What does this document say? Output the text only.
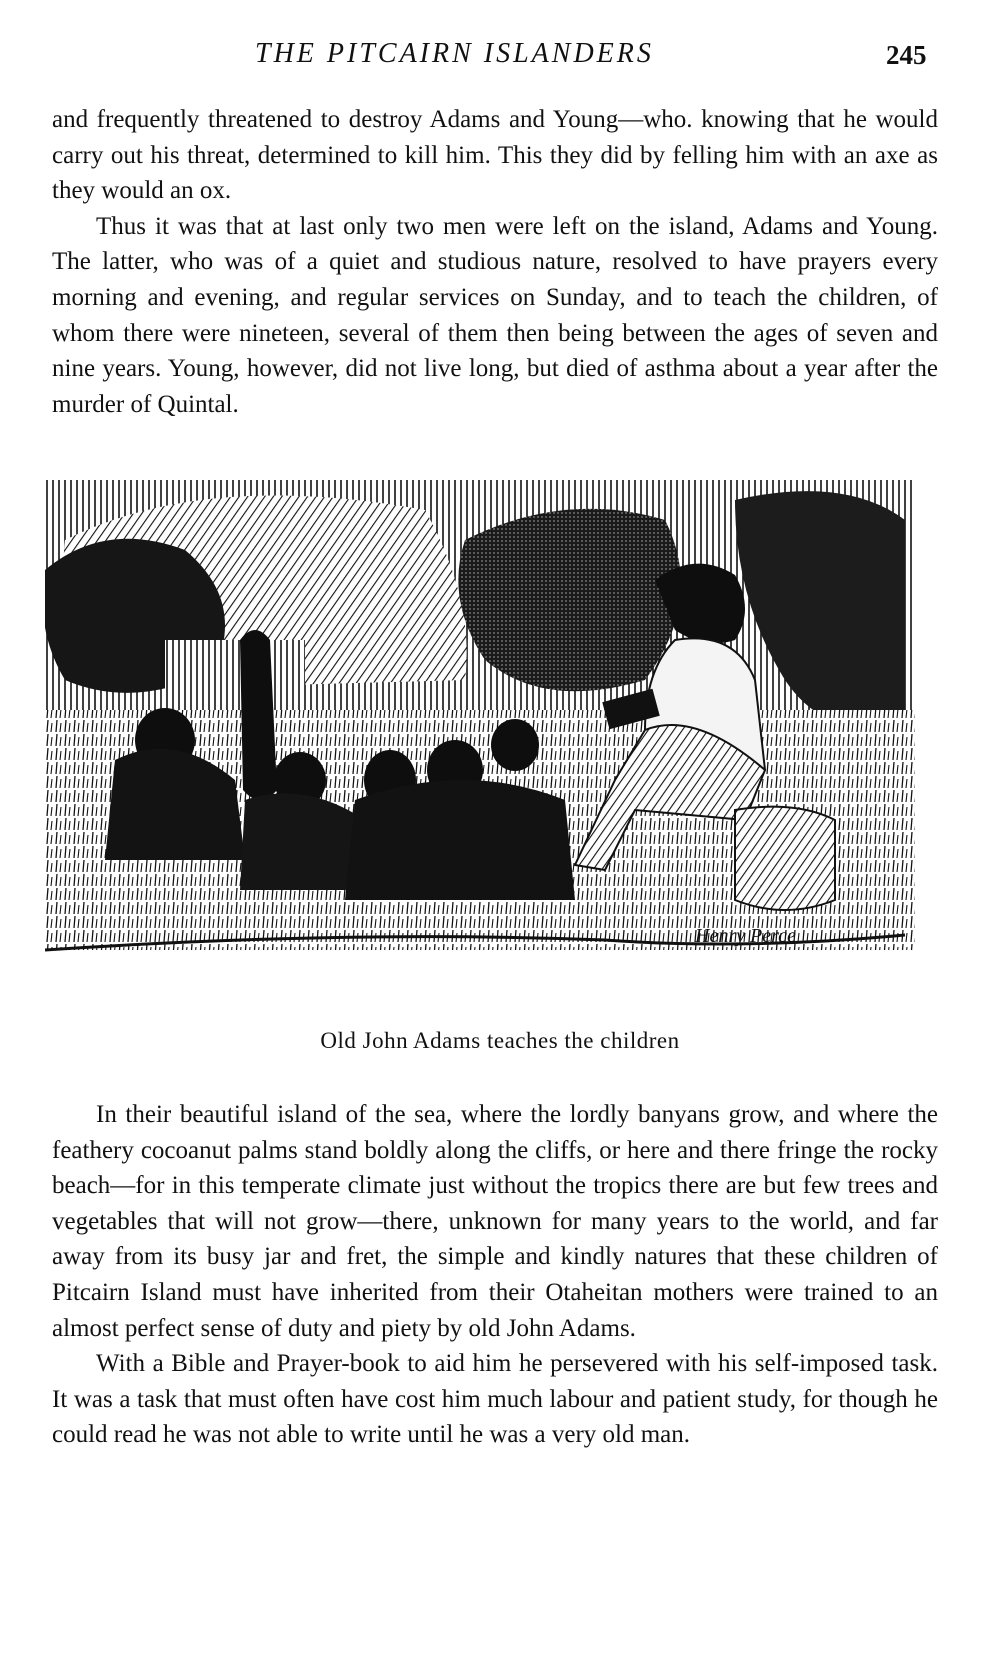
THE PITCAIRN ISLANDERS	245

and frequently threatened to destroy Adams and Young—who. knowing that he would carry out his threat, determined to kill him. This they did by felling him with an axe as they would an ox.

Thus it was that at last only two men were left on the island, Adams and Young. The latter, who was of a quiet and studious nature, resolved to have prayers every morning and evening, and regular services on Sunday, and to teach the children, of whom there were nineteen, several of them then being between the ages of seven and nine years. Young, however, did not live long, but died of asthma about a year after the murder of Quintal.

Henry Perce
Old John Adams teaches the children

In their beautiful island of the sea, where the lordly banyans grow, and where the feathery cocoanut palms stand boldly along the cliffs, or here and there fringe the rocky beach—for in this temperate climate just without the tropics there are but few trees and vegetables that will not grow—there, unknown for many years to the world, and far away from its busy jar and fret, the simple and kindly natures that these children of Pitcairn Island must have inherited from their Otaheitan mothers were trained to an almost perfect sense of duty and piety by old John Adams.

With a Bible and Prayer-book to aid him he persevered with his self-imposed task. It was a task that must often have cost him much labour and patient study, for though he could read he was not able to write until he was a very old man.
